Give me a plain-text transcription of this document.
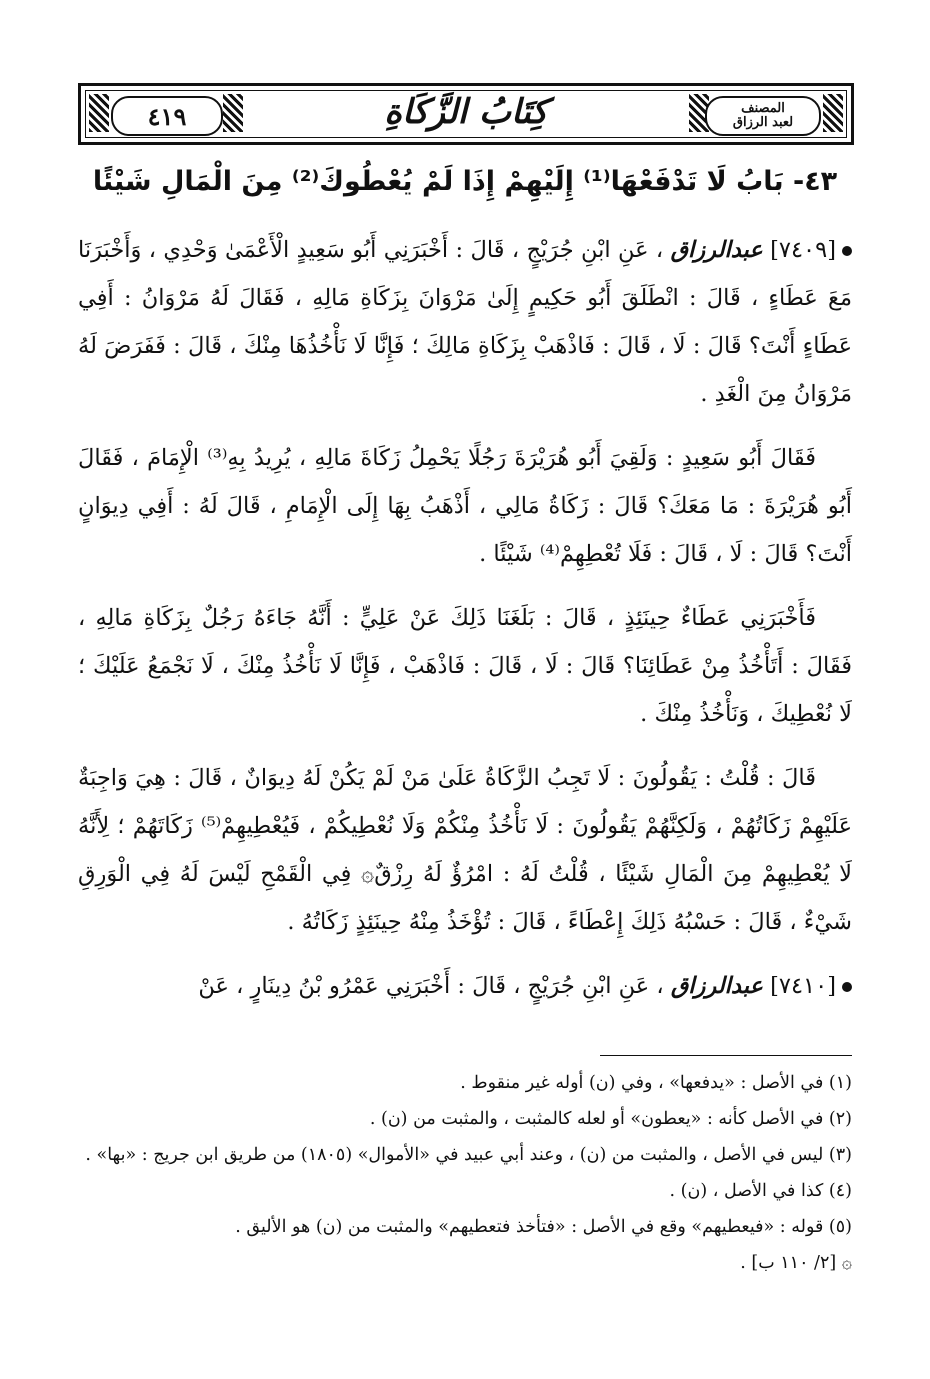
٤١٩	كِتَابُ الزَّكَاةِ	المصنف
لعبد الرزاق
٤٣- بَابُ لَا تَدْفَعْهَا⁽¹⁾ إِلَيْهِمْ إِذَا لَمْ يُعْطُوكَ⁽²⁾ مِنَ الْمَالِ شَيْئًا

[٧٤٠٩] عبدالرزاق ، عَنِ ابْنِ جُرَيْجٍ ، قَالَ : أَخْبَرَنِي أَبُو سَعِيدٍ الْأَعْمَىٰ وَحْدِي ، وَأَخْبَرَنَا مَعَ عَطَاءٍ ، قَالَ : انْطَلَقَ أَبُو حَكِيمٍ إِلَىٰ مَرْوَانَ بِزَكَاةِ مَالِهِ ، فَقَالَ لَهُ مَرْوَانُ : أَفِي عَطَاءٍ أَنْتَ؟ قَالَ : لَا ، قَالَ : فَاذْهَبْ بِزَكَاةِ مَالِكَ ؛ فَإِنَّا لَا نَأْخُذُهَا مِنْكَ ، قَالَ : فَفَرَضَ لَهُ مَرْوَانُ مِنَ الْغَدِ .

فَقَالَ أَبُو سَعِيدٍ : وَلَقِيَ أَبُو هُرَيْرَةَ رَجُلًا يَحْمِلُ زَكَاةَ مَالِهِ ، يُرِيدُ بِهِ⁽³⁾ الْإِمَامَ ، فَقَالَ أَبُو هُرَيْرَةَ : مَا مَعَكَ؟ قَالَ : زَكَاةُ مَالِي ، أَذْهَبُ بِهَا إِلَى الْإِمَامِ ، قَالَ لَهُ : أَفِي دِيوَانٍ أَنْتَ؟ قَالَ : لَا ، قَالَ : فَلَا تُعْطِهِمْ⁽⁴⁾ شَيْئًا .

فَأَخْبَرَنِي عَطَاءٌ حِينَئِذٍ ، قَالَ : بَلَغَنَا ذَلِكَ عَنْ عَلِيٍّ : أَنَّهُ جَاءَهُ رَجُلٌ بِزَكَاةِ مَالِهِ ، فَقَالَ : أَتَأْخُذُ مِنْ عَطَائِنَا؟ قَالَ : لَا ، قَالَ : فَاذْهَبْ ، فَإِنَّا لَا نَأْخُذُ مِنْكَ ، لَا نَجْمَعُ عَلَيْكَ ؛ لَا نُعْطِيكَ ، وَنَأْخُذُ مِنْكَ .

قَالَ : قُلْتُ : يَقُولُونَ : لَا تَجِبُ الزَّكَاةُ عَلَىٰ مَنْ لَمْ يَكُنْ لَهُ دِيوَانٌ ، قَالَ : هِيَ وَاجِبَةٌ عَلَيْهِمْ زَكَاتُهُمْ ، وَلَكِنَّهُمْ يَقُولُونَ : لَا نَأْخُذُ مِنْكُمْ وَلَا نُعْطِيكُمْ ، فَيُعْطِيهِمْ⁽⁵⁾ زَكَاتَهُمْ ؛ لِأَنَّهُ لَا يُعْطِيهِمْ مِنَ الْمَالِ شَيْئًا ، قُلْتُ لَهُ : امْرُؤٌ لَهُ رِزْقٌ۞ فِي الْقَمْحِ لَيْسَ لَهُ فِي الْوَرِقِ شَيْءٌ ، قَالَ : حَسْبُهُ ذَلِكَ إِعْطَاءً ، قَالَ : تُؤْخَذُ مِنْهُ حِينَئِذٍ زَكَاتُهُ .

[٧٤١٠] عبدالرزاق ، عَنِ ابْنِ جُرَيْجٍ ، قَالَ : أَخْبَرَنِي عَمْرُو بْنُ دِينَارٍ ، عَنْ

(١) في الأصل : «يدفعها» ، وفي (ن) أوله غير منقوط .
(٢) في الأصل كأنه : «يعطون» أو لعله كالمثبت ، والمثبت من (ن) .
(٣) ليس في الأصل ، والمثبت من (ن) ، وعند أبي عبيد في «الأموال» (١٨٠٥) من طريق ابن جريج : «بها» .
(٤) كذا في الأصل ، (ن) .
(٥) قوله : «فيعطيهم» وقع في الأصل : «فتأخذ فتعطيهم» والمثبت من (ن) هو الأليق .
۞ [٢/ ١١٠ ب] .
